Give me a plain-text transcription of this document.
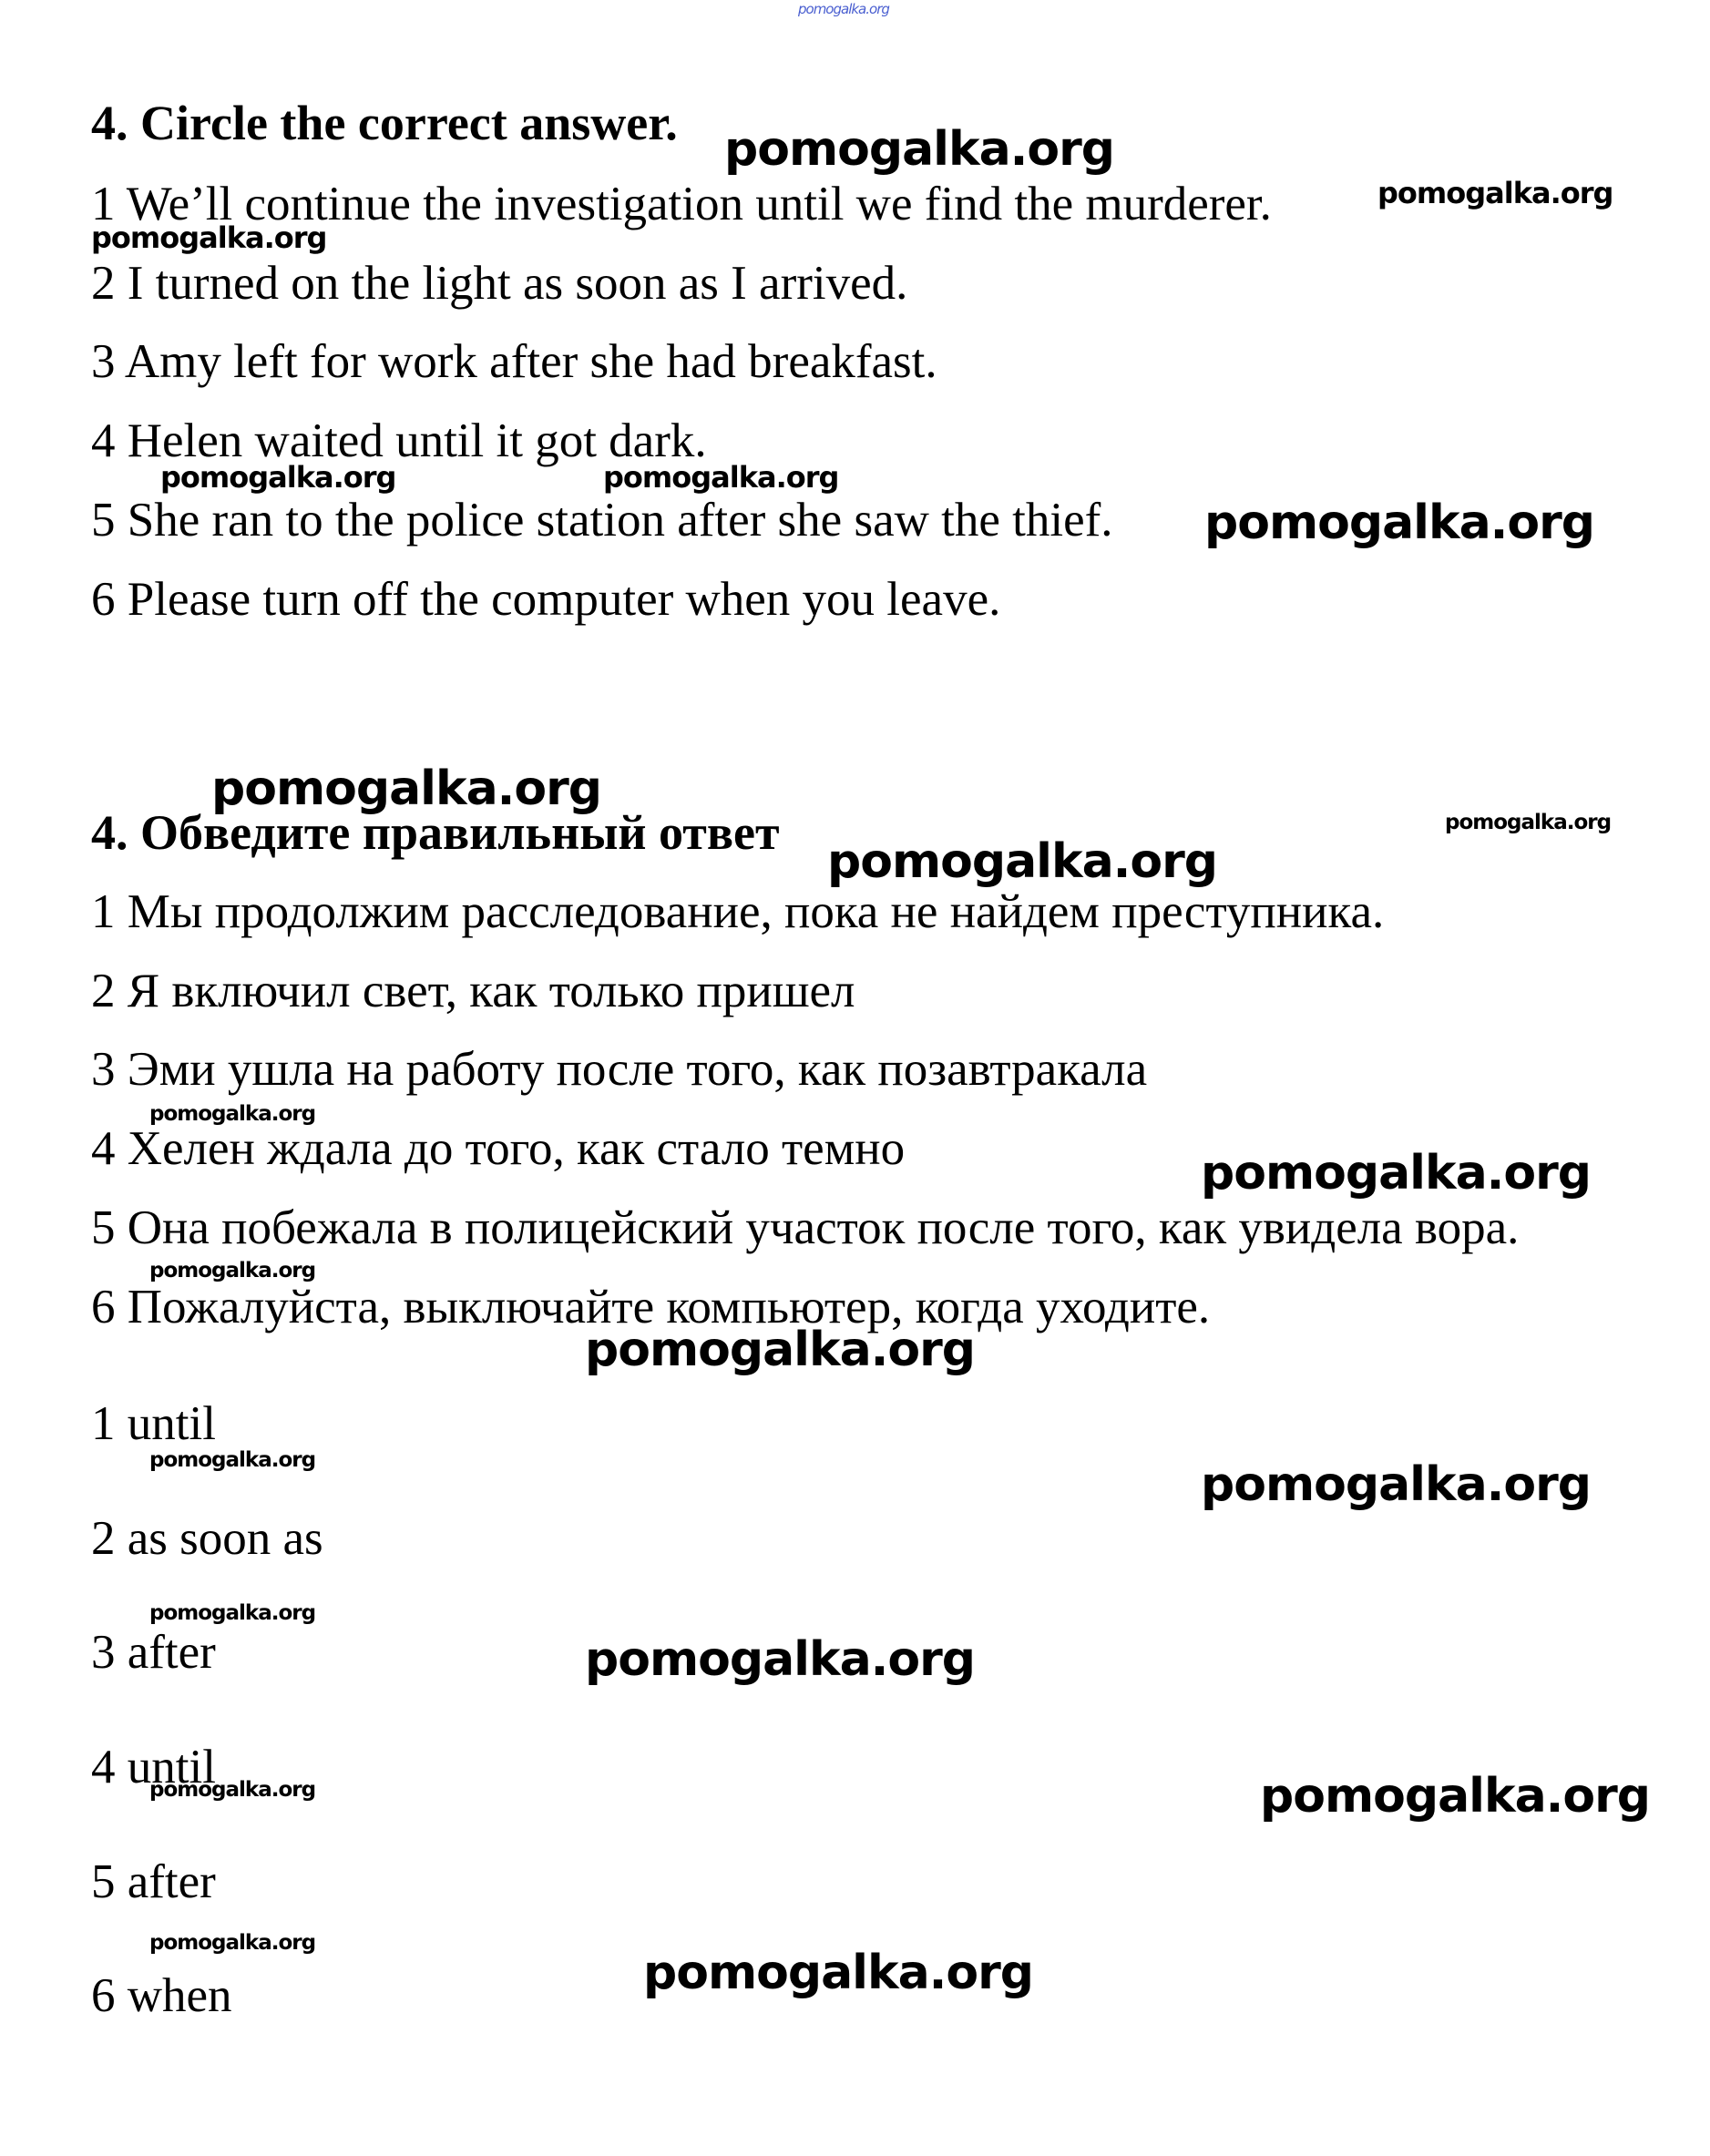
4. Circle the correct answer.
1 We’ll continue the investigation until we find the murderer.
2 I turned on the light as soon as I arrived.
3 Amy left for work after she had breakfast.
4 Helen waited until it got dark.
5 She ran to the police station after she saw the thief.
6 Please turn off the computer when you leave.
4. Обведите правильный ответ
1 Мы продолжим расследование, пока не найдем преступника.
2 Я включил свет, как только пришел
3 Эми ушла на работу после того, как позавтракала
4 Хелен ждала до того, как стало темно
5 Она побежала в полицейский участок после того, как увидела вора.
6 Пожалуйста, выключайте компьютер, когда уходите.
1 until
2 as soon as
3 after
4 until
5 after
6 when
pomogalka.org
pomogalka.org
pomogalka.org
pomogalka.org
pomogalka.org	pomogalka.org
pomogalka.org
pomogalka.org
pomogalka.org
pomogalka.org
pomogalka.org
pomogalka.org
pomogalka.org
pomogalka.org
pomogalka.org	pomogalka.org
pomogalka.org
pomogalka.org
pomogalka.org	pomogalka.org
pomogalka.org
pomogalka.org
